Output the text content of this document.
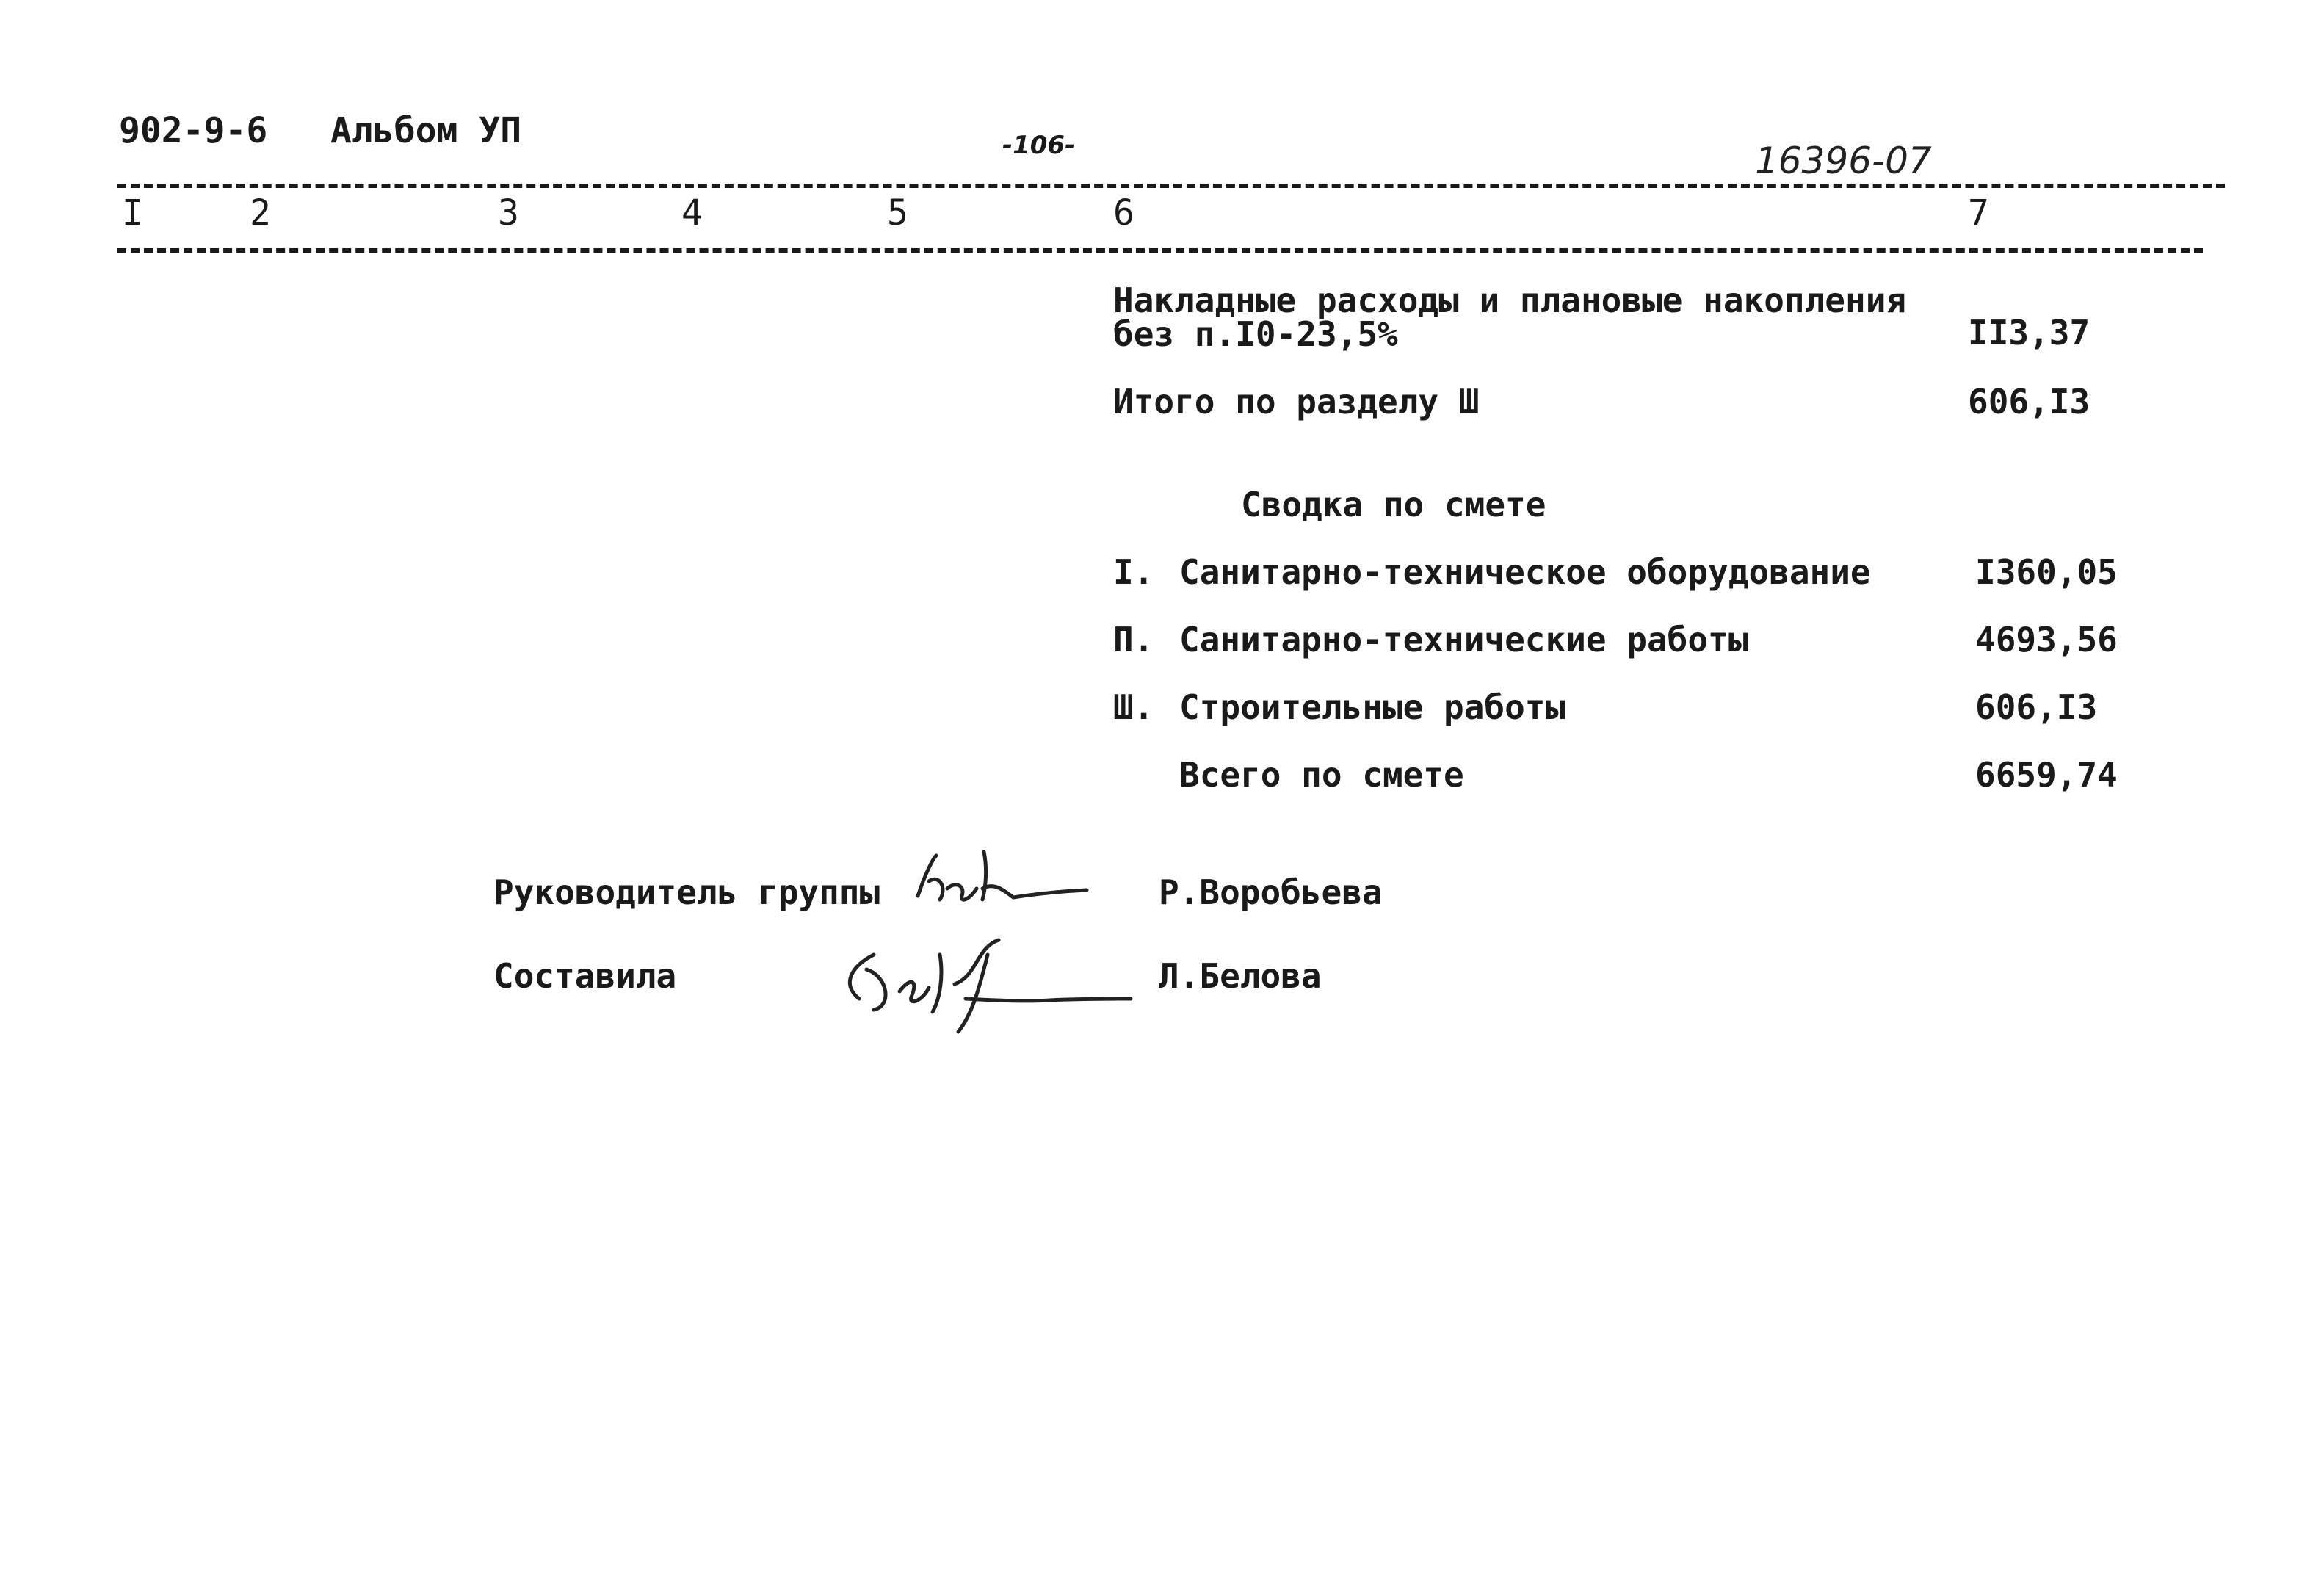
902-9-6 Альбом УП	-106-	16396-07
I	2	3	4	5	6	7
Накладные расходы и плановые накопления
без п.I0-23,5%	II3,37
Итого по разделу Ш	606,I3
Сводка по смете
I. Санитарно-техническое оборудование	I360,05
П. Санитарно-технические работы	4693,56
Ш. Строительные работы	606,I3
Всего по смете	6659,74
Руководитель группы	Р.Воробьева
Составила	Л.Белова
